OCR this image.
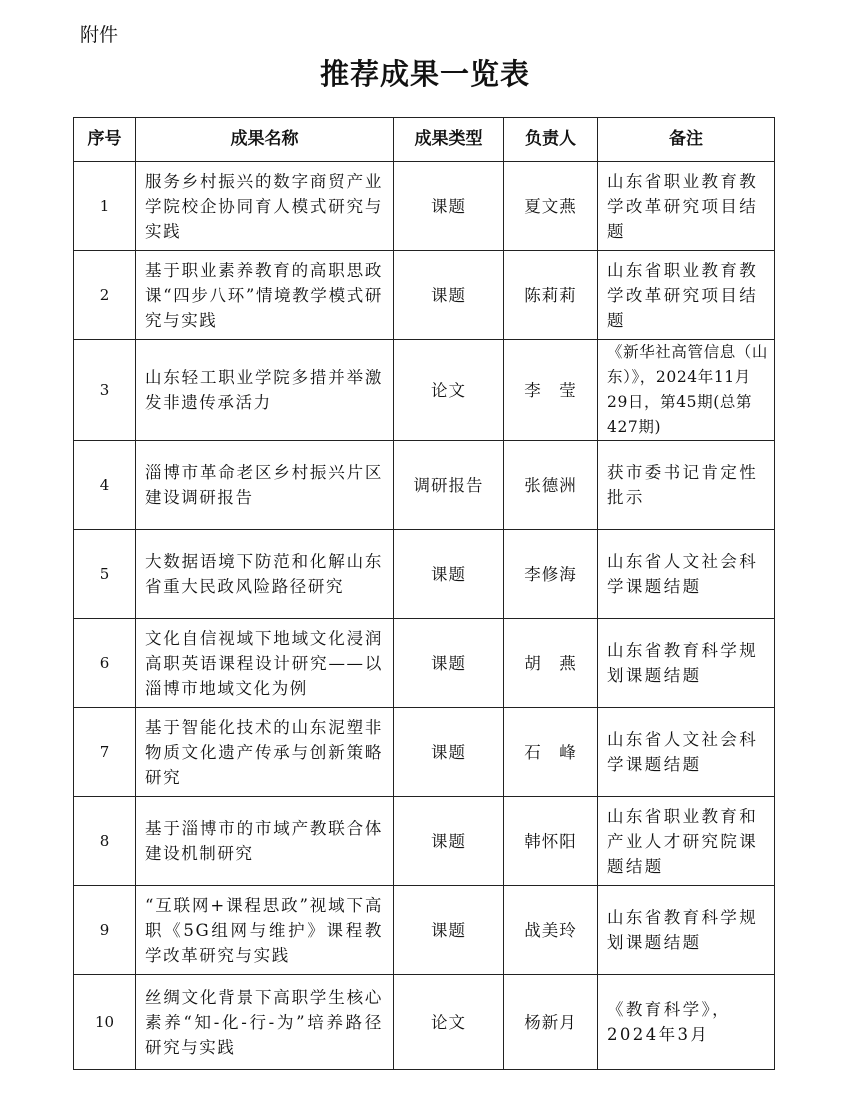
附件
推荐成果一览表
序号	成果名称	成果类型	负责人	备注
1	服务乡村振兴的数字商贸产业学院校企协同育人模式研究与实践	课题	夏文燕	山东省职业教育教学改革研究项目结题
2	基于职业素养教育的高职思政课“四步八环”情境教学模式研究与实践	课题	陈莉莉	山东省职业教育教学改革研究项目结题
3	山东轻工职业学院多措并举激发非遗传承活力	论文	李　莹	《新华社高管信息（山东）》，2024年11月29日，第45期(总第427期)
4	淄博市革命老区乡村振兴片区建设调研报告	调研报告	张德洲	获市委书记肯定性批示
5	大数据语境下防范和化解山东省重大民政风险路径研究	课题	李修海	山东省人文社会科学课题结题
6	文化自信视域下地域文化浸润高职英语课程设计研究——以淄博市地域文化为例	课题	胡　燕	山东省教育科学规划课题结题
7	基于智能化技术的山东泥塑非物质文化遗产传承与创新策略研究	课题	石　峰	山东省人文社会科学课题结题
8	基于淄博市的市域产教联合体建设机制研究	课题	韩怀阳	山东省职业教育和产业人才研究院课题结题
9	“互联网+课程思政”视域下高职《5G组网与维护》课程教学改革研究与实践	课题	战美玲	山东省教育科学规划课题结题
10	丝绸文化背景下高职学生核心素养“知-化-行-为”培养路径研究与实践	论文	杨新月	《教育科学》，2024年3月
